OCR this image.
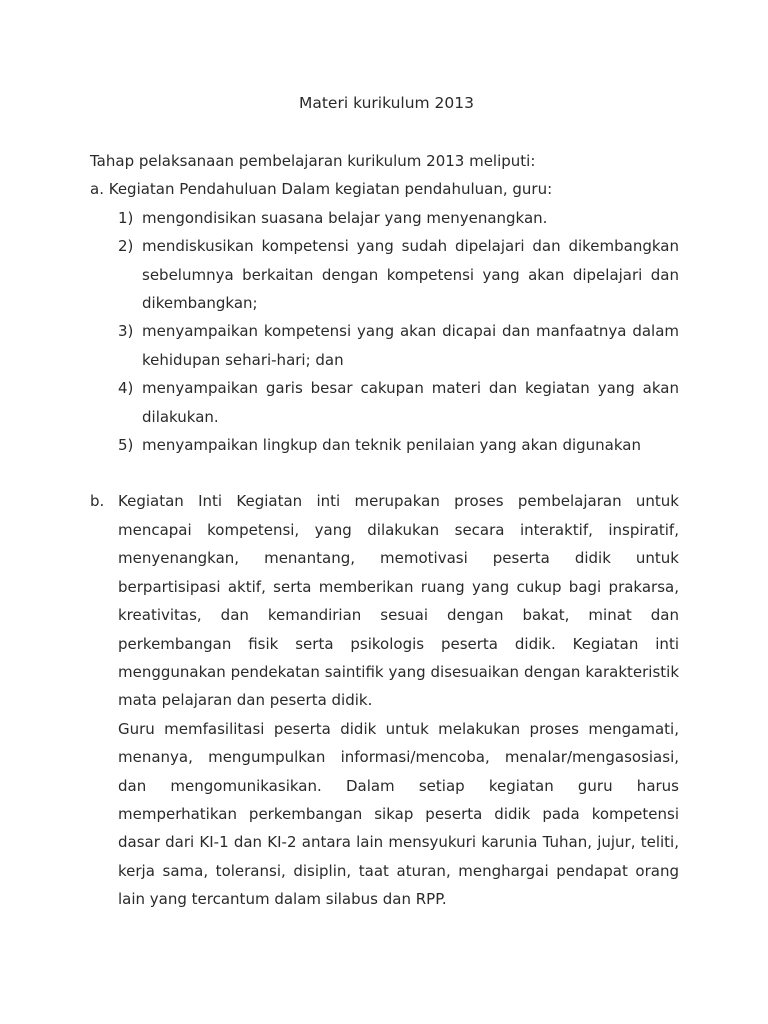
Materi kurikulum 2013

Tahap pelaksanaan pembelajaran kurikulum 2013 meliputi:

a. Kegiatan Pendahuluan Dalam kegiatan pendahuluan, guru:

1) mengondisikan suasana belajar yang menyenangkan.
2) mendiskusikan kompetensi yang sudah dipelajari dan dikembangkan sebelumnya berkaitan dengan kompetensi yang akan dipelajari dan dikembangkan;
3) menyampaikan kompetensi yang akan dicapai dan manfaatnya dalam kehidupan sehari-hari; dan
4) menyampaikan garis besar cakupan materi dan kegiatan yang akan dilakukan.
5) menyampaikan lingkup dan teknik penilaian yang akan digunakan
b. Kegiatan Inti Kegiatan inti merupakan proses pembelajaran untuk mencapai kompetensi, yang dilakukan secara interaktif, inspiratif, menyenangkan, menantang, memotivasi peserta didik untuk berpartisipasi aktif, serta memberikan ruang yang cukup bagi prakarsa, kreativitas, dan kemandirian sesuai dengan bakat, minat dan perkembangan fisik serta psikologis peserta didik. Kegiatan inti menggunakan pendekatan saintifik yang disesuaikan dengan karakteristik mata pelajaran dan peserta didik.

Guru memfasilitasi peserta didik untuk melakukan proses mengamati, menanya, mengumpulkan informasi/mencoba, menalar/mengasosiasi, dan mengomunikasikan. Dalam setiap kegiatan guru harus memperhatikan perkembangan sikap peserta didik pada kompetensi dasar dari KI-1 dan KI-2 antara lain mensyukuri karunia Tuhan, jujur, teliti, kerja sama, toleransi, disiplin, taat aturan, menghargai pendapat orang lain yang tercantum dalam silabus dan RPP.
